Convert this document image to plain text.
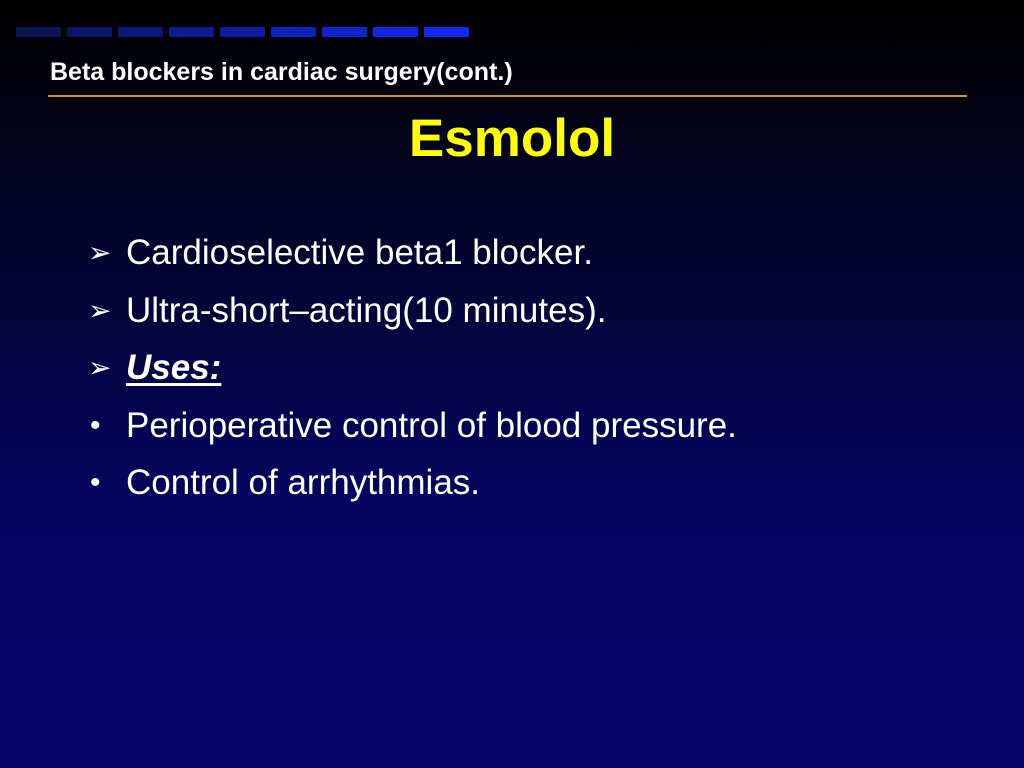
Beta blockers in cardiac surgery(cont.)
Esmolol
➢ Cardioselective beta1 blocker.
➢ Ultra-short–acting(10 minutes).
➢ Uses:
• Perioperative control of blood pressure.
• Control of arrhythmias.
